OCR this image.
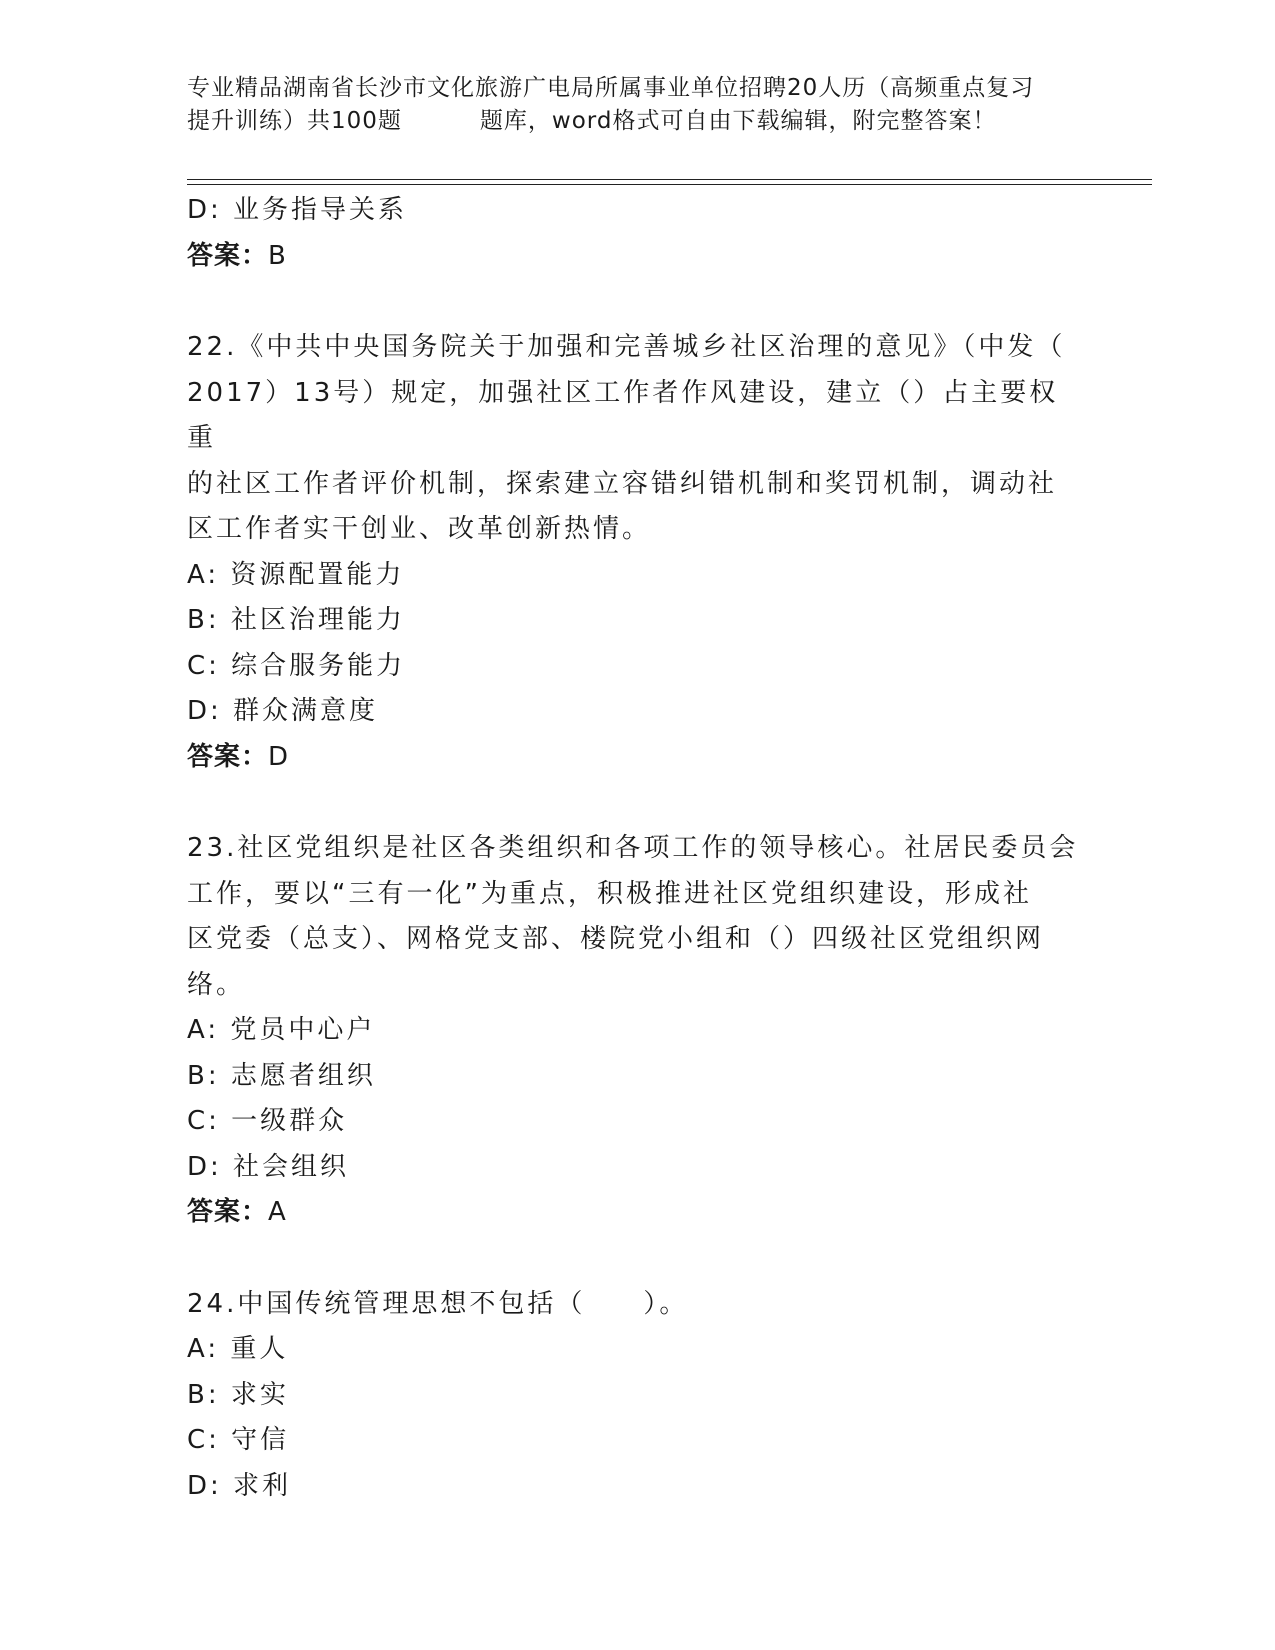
专业精品湖南省长沙市文化旅游广电局所属事业单位招聘20人历（高频重点复习
提升训练）共100题	题库，word格式可自由下载编辑，附完整答案！
D: 业务指导关系
答案：B
22.《中共中央国务院关于加强和完善城乡社区治理的意见》（中发（
2017）13号）规定，加强社区工作者作风建设，建立（）占主要权重
的社区工作者评价机制，探索建立容错纠错机制和奖罚机制，调动社
区工作者实干创业、改革创新热情。
A: 资源配置能力
B: 社区治理能力
C: 综合服务能力
D: 群众满意度
答案：D
23.社区党组织是社区各类组织和各项工作的领导核心。社居民委员会
工作，要以“三有一化”为重点，积极推进社区党组织建设，形成社
区党委（总支）、网格党支部、楼院党小组和（）四级社区党组织网
络。
A: 党员中心户
B: 志愿者组织
C: 一级群众
D: 社会组织
答案：A
24.中国传统管理思想不包括（　　）。
A: 重人
B: 求实
C: 守信
D: 求利
